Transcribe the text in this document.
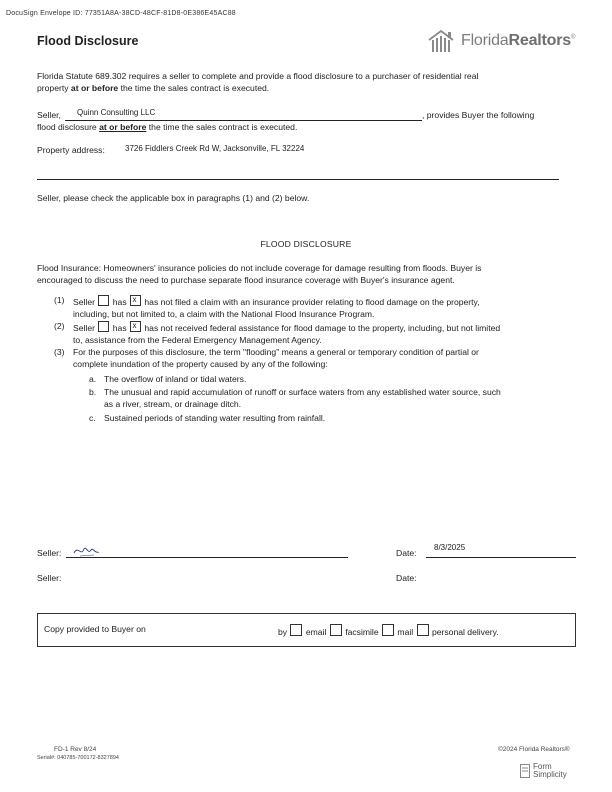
DocuSign Envelope ID: 77351A8A-38CD-48CF-81D8-0E386E45AC88
Flood Disclosure	FloridaRealtors®
Florida Statute 689.302 requires a seller to complete and provide a flood disclosure to a purchaser of residential real
property at or before the time the sales contract is executed.
Seller,	, provides Buyer the following

flood disclosure at or before the time the sales contract is executed.
Quinn Consulting LLC
Property address:	3726 Fiddlers Creek Rd W, Jacksonville, FL 32224
Seller, please check the applicable box in paragraphs (1) and (2) below.
FLOOD DISCLOSURE
Flood Insurance: Homeowners' insurance policies do not include coverage for damage resulting from floods. Buyer is
encouraged to discuss the need to purchase separate flood insurance coverage with Buyer's insurance agent.
(1) Seller has x has not filed a claim with an insurance provider relating to flood damage on the property,
including, but not limited to, a claim with the National Flood Insurance Program.
(2) Seller has x has not received federal assistance for flood damage to the property, including, but not limited
to, assistance from the Federal Emergency Management Agency.
(3) For the purposes of this disclosure, the term "flooding" means a general or temporary condition of partial or
complete inundation of the property caused by any of the following:
a. The overflow of inland or tidal waters.
b. The unusual and rapid accumulation of runoff or surface waters from any established water source, such
as a river, stream, or drainage ditch.
c. Sustained periods of standing water resulting from rainfall.
Seller:	Date:
8/3/2025
Seller:	Date:
Copy provided to Buyer on	by email facsimile mail personal delivery.
FD-1 Rev 8/24
Serial#: 040785-700172-8327894
©2024 Florida Realtors®
Form
Simplicity
